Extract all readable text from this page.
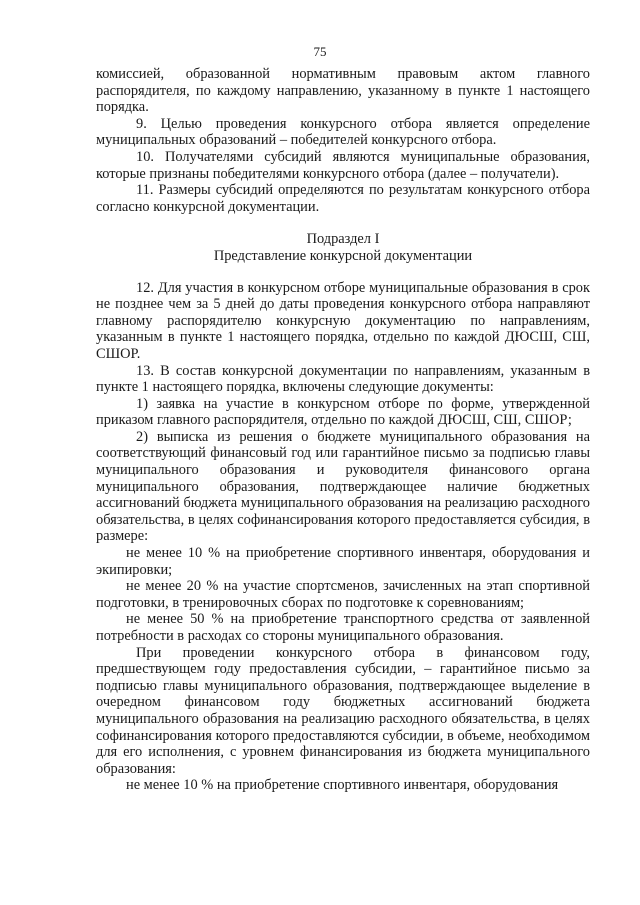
75

комиссией, образованной нормативным правовым актом главного распорядителя, по каждому направлению, указанному в пункте 1 настоящего порядка.

9. Целью проведения конкурсного отбора является определение муниципальных образований – победителей конкурсного отбора.

10. Получателями субсидий являются муниципальные образования, которые признаны победителями конкурсного отбора (далее – получатели).

11. Размеры субсидий определяются по результатам конкурсного отбора согласно конкурсной документации.

Подраздел I

Представление конкурсной документации

12. Для участия в конкурсном отборе муниципальные образования в срок не позднее чем за 5 дней до даты проведения конкурсного отбора направляют главному распорядителю конкурсную документацию по направлениям, указанным в пункте 1 настоящего порядка, отдельно по каждой ДЮСШ, СШ, СШОР.

13. В состав конкурсной документации по направлениям, указанным в пункте 1 настоящего порядка, включены следующие документы:

1) заявка на участие в конкурсном отборе по форме, утвержденной приказом главного распорядителя, отдельно по каждой ДЮСШ, СШ, СШОР;

2) выписка из решения о бюджете муниципального образования на соответствующий финансовый год или гарантийное письмо за подписью главы муниципального образования и руководителя финансового органа муниципального образования, подтверждающее наличие бюджетных ассигнований бюджета муниципального образования на реализацию расходного обязательства, в целях софинансирования которого предоставляется субсидия, в размере:

не менее 10 % на приобретение спортивного инвентаря, оборудования и экипировки;

не менее 20 % на участие спортсменов, зачисленных на этап спортивной подготовки, в тренировочных сборах по подготовке к соревнованиям;

не менее 50 % на приобретение транспортного средства от заявленной потребности в расходах со стороны муниципального образования.

При проведении конкурсного отбора в финансовом году, предшествующем году предоставления субсидии, – гарантийное письмо за подписью главы муниципального образования, подтверждающее выделение в очередном финансовом году бюджетных ассигнований бюджета муниципального образования на реализацию расходного обязательства, в целях софинансирования которого предоставляются субсидии, в объеме, необходимом для его исполнения, с уровнем финансирования из бюджета муниципального образования:

не менее 10 % на приобретение спортивного инвентаря, оборудования
